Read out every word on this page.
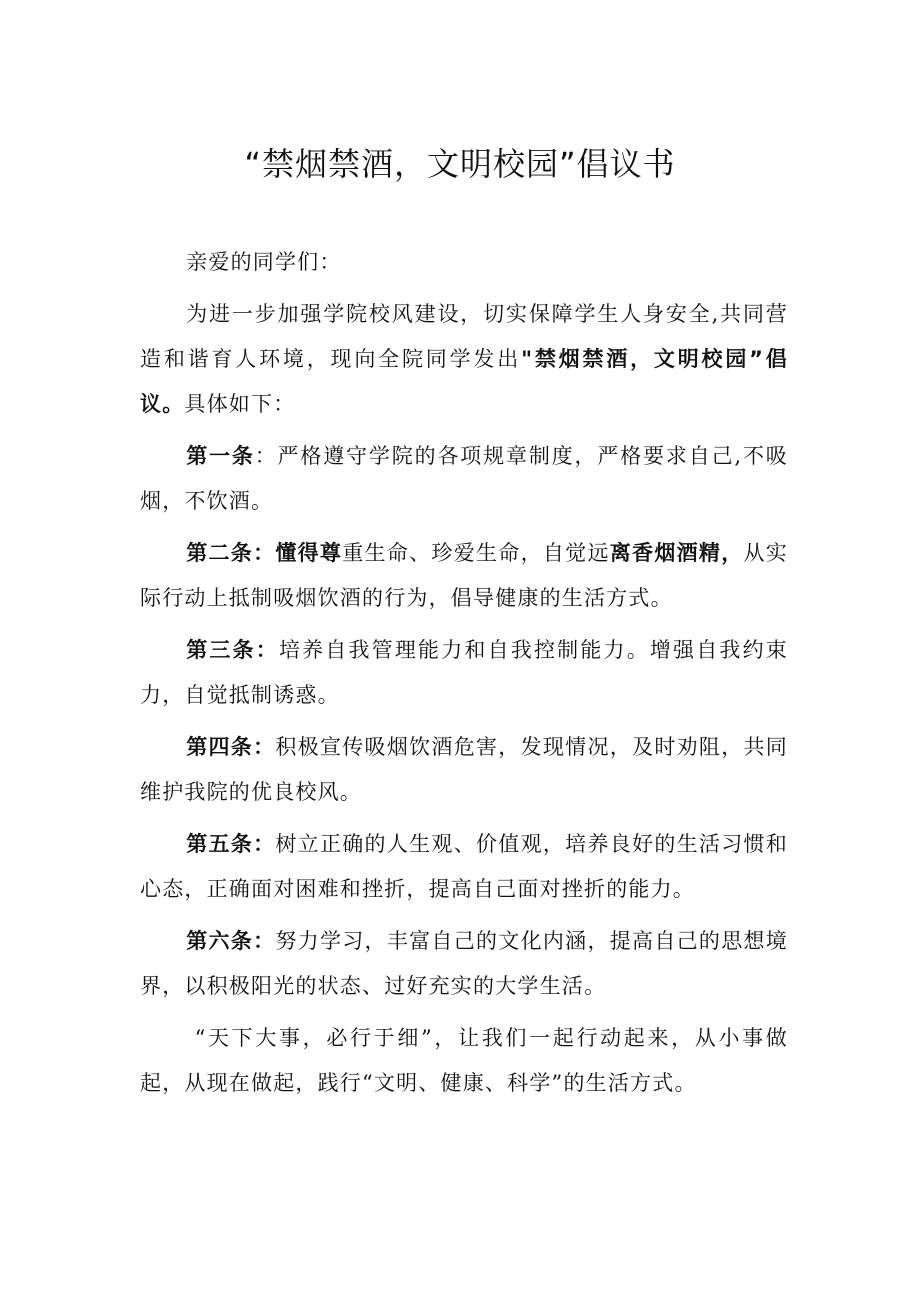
“禁烟禁酒，文明校园”倡议书

亲爱的同学们：

为进一步加强学院校风建设，切实保障学生人身安全,共同营造和谐育人环境，现向全院同学发出"禁烟禁酒，文明校园”倡议。具体如下：

第一条：严格遵守学院的各项规章制度，严格要求自己,不吸烟，不饮酒。

第二条：懂得尊重生命、珍爱生命，自觉远离香烟酒精，从实际行动上抵制吸烟饮酒的行为，倡导健康的生活方式。

第三条：培养自我管理能力和自我控制能力。增强自我约束力，自觉抵制诱惑。

第四条：积极宣传吸烟饮酒危害，发现情况，及时劝阻，共同维护我院的优良校风。

第五条：树立正确的人生观、价值观，培养良好的生活习惯和心态，正确面对困难和挫折，提高自己面对挫折的能力。

第六条：努力学习，丰富自己的文化内涵，提高自己的思想境界，以积极阳光的状态、过好充实的大学生活。

“天下大事，必行于细”，让我们一起行动起来，从小事做起，从现在做起，践行“文明、健康、科学”的生活方式。
